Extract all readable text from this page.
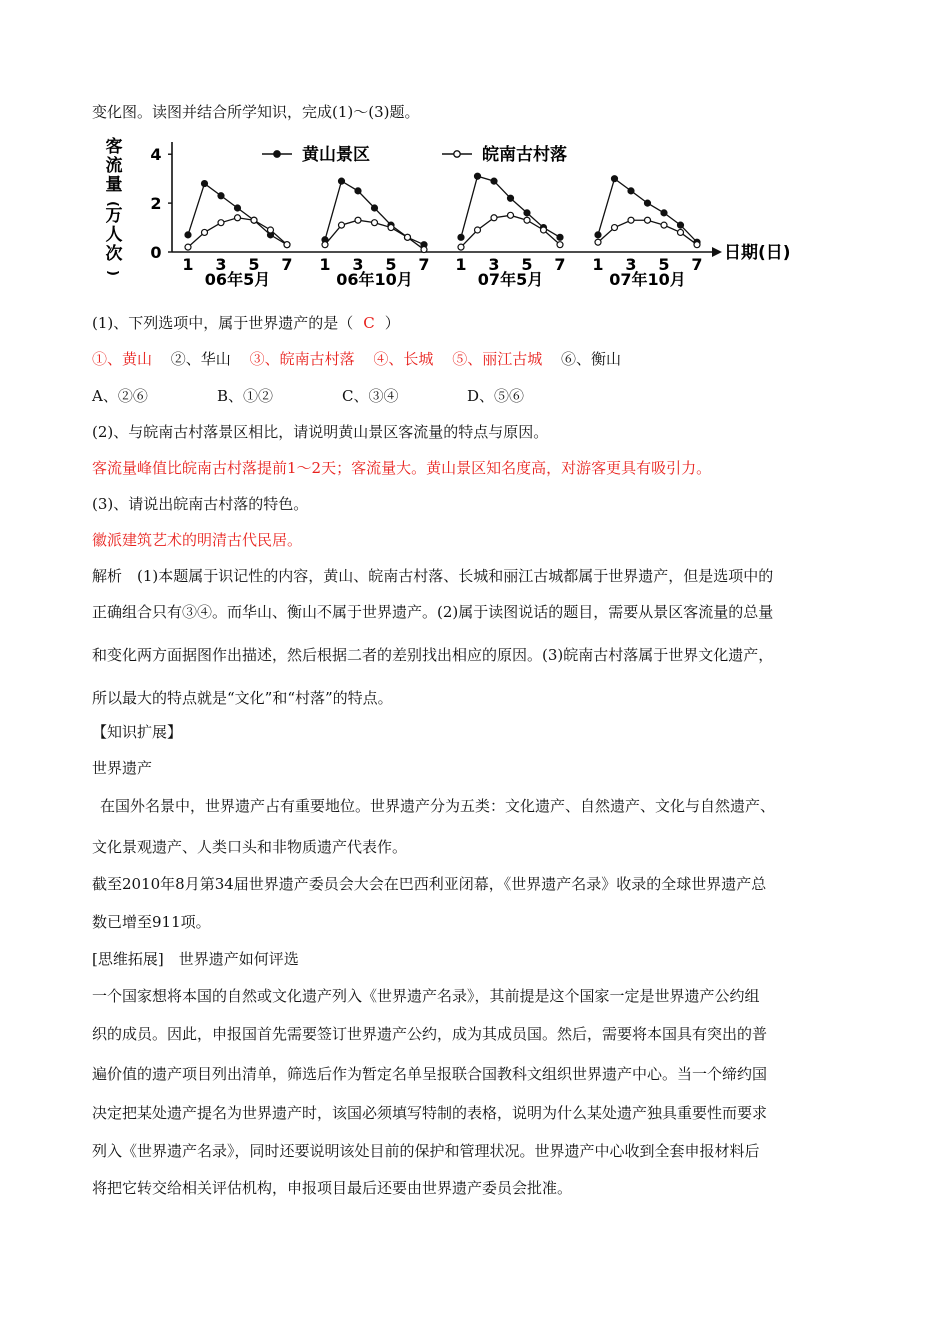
变化图。读图并结合所学知识，完成(1)～(3)题。
客
流
量
(
万
人
次
)
0
2
4
日期(日)
黄山景区	皖南古村落
1 3 5 7
06年5月
1 3 5 7
06年10月
1 3 5 7
07年5月
1 3 5 7
07年10月
(1)、下列选项中，属于世界遗产的是（ C ）
①、黄山 ②、华山 ③、皖南古村落 ④、长城 ⑤、丽江古城 ⑥、衡山
A、②⑥	B、①②	C、③④	D、⑤⑥
(2)、与皖南古村落景区相比，请说明黄山景区客流量的特点与原因。
客流量峰值比皖南古村落提前1～2天；客流量大。黄山景区知名度高，对游客更具有吸引力。
(3)、请说出皖南古村落的特色。
徽派建筑艺术的明清古代民居。
解析　(1)本题属于识记性的内容，黄山、皖南古村落、长城和丽江古城都属于世界遗产，但是选项中的
正确组合只有③④。而华山、衡山不属于世界遗产。(2)属于读图说话的题目，需要从景区客流量的总量
和变化两方面据图作出描述，然后根据二者的差别找出相应的原因。(3)皖南古村落属于世界文化遗产，
所以最大的特点就是“文化”和“村落”的特点。
【知识扩展】
世界遗产
在国外名景中，世界遗产占有重要地位。世界遗产分为五类：文化遗产、自然遗产、文化与自然遗产、
文化景观遗产、人类口头和非物质遗产代表作。
截至2010年8月第34届世界遗产委员会大会在巴西利亚闭幕，《世界遗产名录》收录的全球世界遗产总
数已增至911项。
[思维拓展]　世界遗产如何评选
一个国家想将本国的自然或文化遗产列入《世界遗产名录》，其前提是这个国家一定是世界遗产公约组
织的成员。因此，申报国首先需要签订世界遗产公约，成为其成员国。然后，需要将本国具有突出的普
遍价值的遗产项目列出清单，筛选后作为暂定名单呈报联合国教科文组织世界遗产中心。当一个缔约国
决定把某处遗产提名为世界遗产时，该国必须填写特制的表格，说明为什么某处遗产独具重要性而要求
列入《世界遗产名录》，同时还要说明该处目前的保护和管理状况。世界遗产中心收到全套申报材料后
将把它转交给相关评估机构，申报项目最后还要由世界遗产委员会批准。
